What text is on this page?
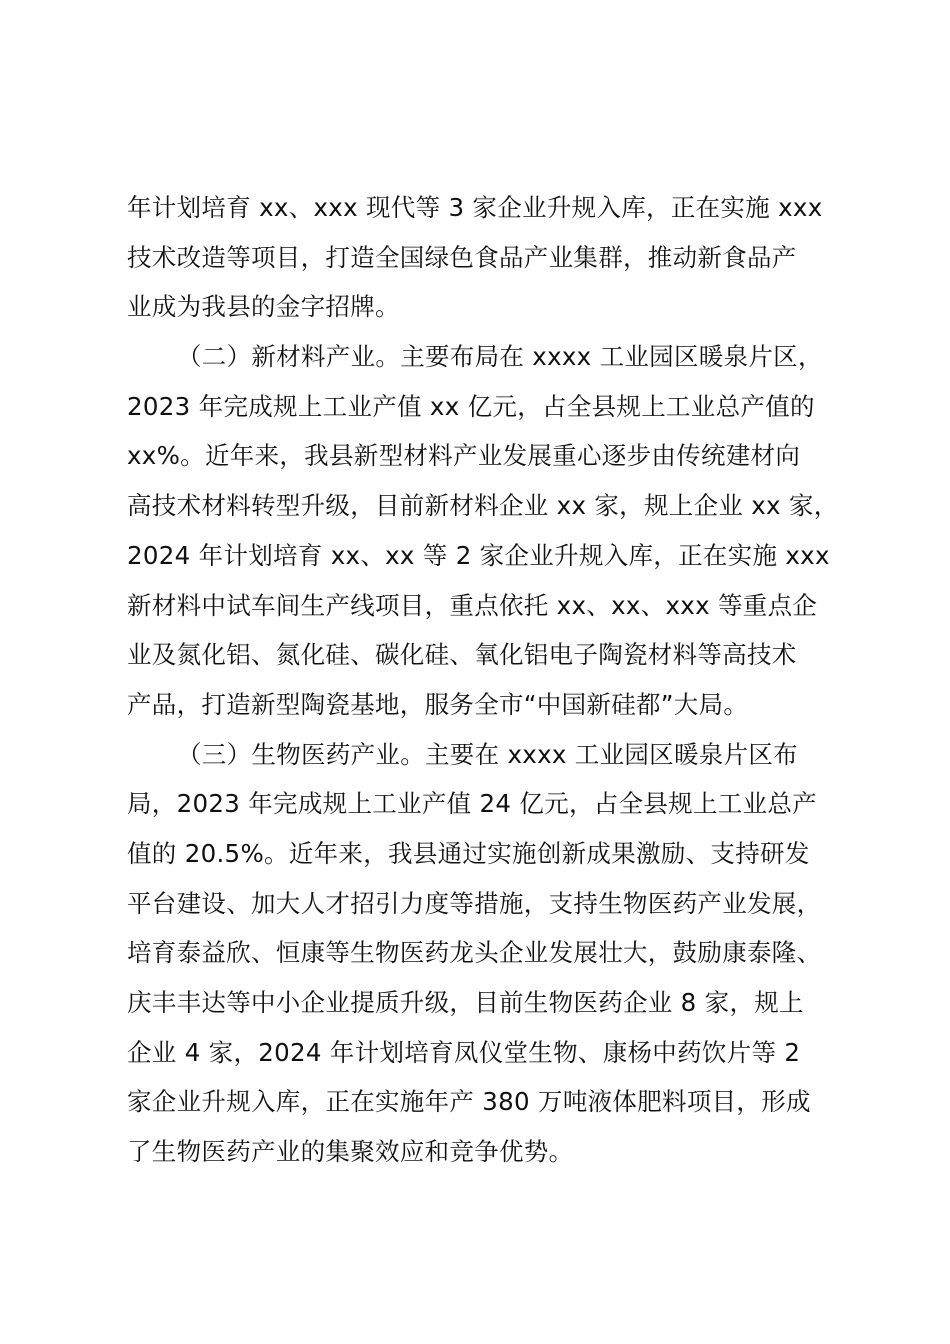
年计划培育 xx、xxx 现代等 3 家企业升规入库，正在实施 xxx
技术改造等项目，打造全国绿色食品产业集群，推动新食品产
业成为我县的金字招牌。
（二）新材料产业。主要布局在 xxxx 工业园区暖泉片区，
2023 年完成规上工业产值 xx 亿元，占全县规上工业总产值的
xx%。近年来，我县新型材料产业发展重心逐步由传统建材向
高技术材料转型升级，目前新材料企业 xx 家，规上企业 xx 家，
2024 年计划培育 xx、xx 等 2 家企业升规入库，正在实施 xxx
新材料中试车间生产线项目，重点依托 xx、xx、xxx 等重点企
业及氮化铝、氮化硅、碳化硅、氧化铝电子陶瓷材料等高技术
产品，打造新型陶瓷基地，服务全市“中国新硅都”大局。
（三）生物医药产业。主要在 xxxx 工业园区暖泉片区布
局，2023 年完成规上工业产值 24 亿元，占全县规上工业总产
值的 20.5%。近年来，我县通过实施创新成果激励、支持研发
平台建设、加大人才招引力度等措施，支持生物医药产业发展，
培育泰益欣、恒康等生物医药龙头企业发展壮大，鼓励康泰隆、
庆丰丰达等中小企业提质升级，目前生物医药企业 8 家，规上
企业 4 家，2024 年计划培育凤仪堂生物、康杨中药饮片等 2
家企业升规入库，正在实施年产 380 万吨液体肥料项目，形成
了生物医药产业的集聚效应和竞争优势。
